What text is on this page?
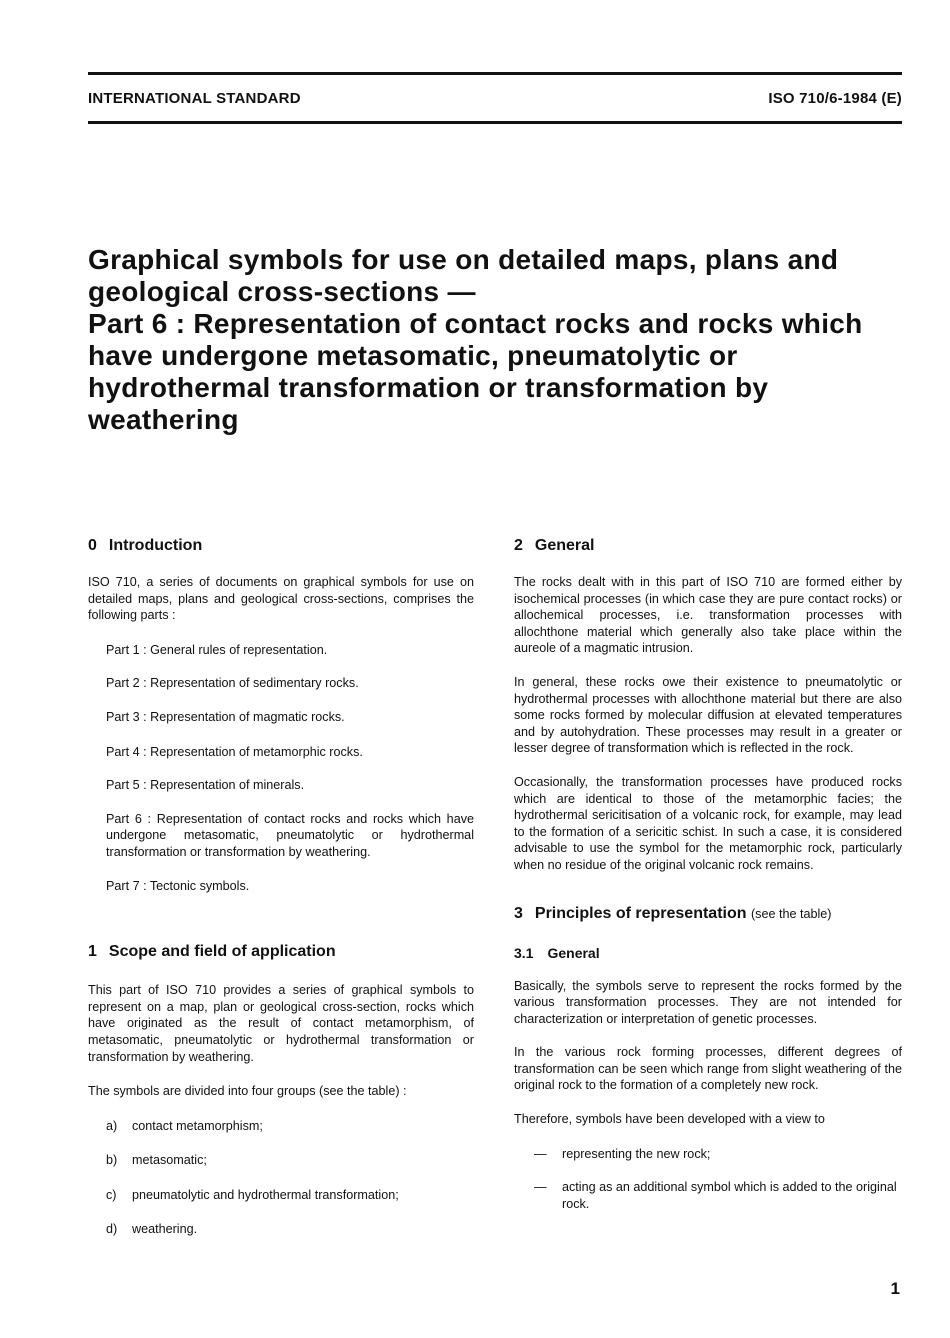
INTERNATIONAL STANDARD	ISO 710/6-1984 (E)
Graphical symbols for use on detailed maps, plans and
geological cross-sections —
Part 6 : Representation of contact rocks and rocks which
have undergone metasomatic, pneumatolytic or
hydrothermal transformation or transformation by
weathering
0 Introduction

ISO 710, a series of documents on graphical symbols for use on detailed maps, plans and geological cross-sections, comprises the following parts :

Part 1 : General rules of representation.

Part 2 : Representation of sedimentary rocks.

Part 3 : Representation of magmatic rocks.

Part 4 : Representation of metamorphic rocks.

Part 5 : Representation of minerals.

Part 6 : Representation of contact rocks and rocks which have undergone metasomatic, pneumatolytic or hydrothermal transformation or transformation by weathering.

Part 7 : Tectonic symbols.

1 Scope and field of application

This part of ISO 710 provides a series of graphical symbols to represent on a map, plan or geological cross-section, rocks which have originated as the result of contact metamorphism, of metasomatic, pneumatolytic or hydrothermal transformation or transformation by weathering.

The symbols are divided into four groups (see the table) :

a)	contact metamorphism;
b)	metasomatic;
c)	pneumatolytic and hydrothermal transformation;
d)	weathering.
2 General

The rocks dealt with in this part of ISO 710 are formed either by isochemical processes (in which case they are pure contact rocks) or allochemical processes, i.e. transformation processes with allochthone material which generally also take place within the aureole of a magmatic intrusion.

In general, these rocks owe their existence to pneumatolytic or hydrothermal processes with allochthone material but there are also some rocks formed by molecular diffusion at elevated temperatures and by autohydration. These processes may result in a greater or lesser degree of transformation which is reflected in the rock.

Occasionally, the transformation processes have produced rocks which are identical to those of the metamorphic facies; the hydrothermal sericitisation of a volcanic rock, for example, may lead to the formation of a sericitic schist. In such a case, it is considered advisable to use the symbol for the metamorphic rock, particularly when no residue of the original volcanic rock remains.

3 Principles of representation (see the table)
3.1 General

Basically, the symbols serve to represent the rocks formed by the various transformation processes. They are not intended for characterization or interpretation of genetic processes.

In the various rock forming processes, different degrees of transformation can be seen which range from slight weathering of the original rock to the formation of a completely new rock.

Therefore, symbols have been developed with a view to

—	representing the new rock;
—	acting as an additional symbol which is added to the original rock.
1
